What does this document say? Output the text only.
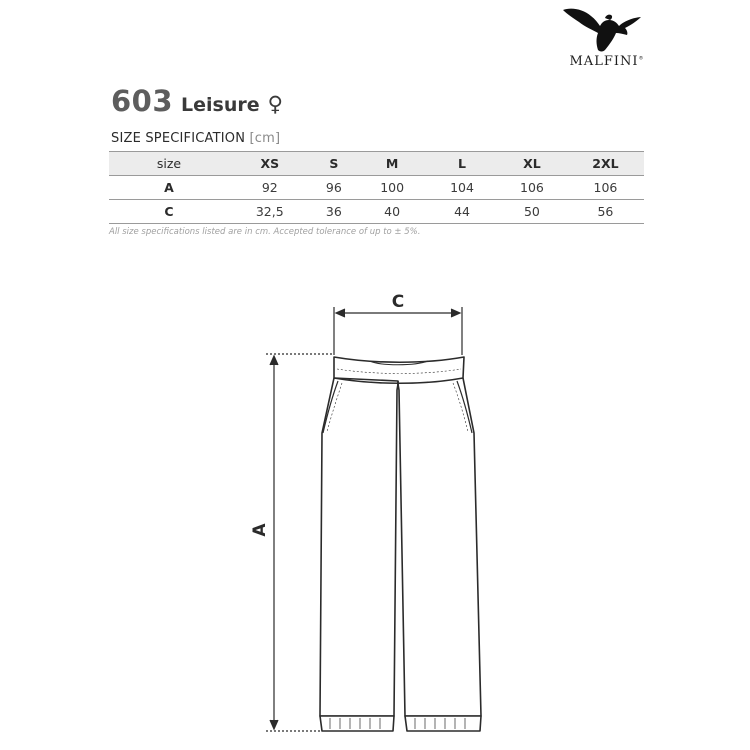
MALFINI®
603 Leisure ♀
SIZE SPECIFICATION [cm]
size	XS	S	M	L	XL	2XL
A	92	96	100	104	106	106
C	32,5	36	40	44	50	56
All size specifications listed are in cm. Accepted tolerance of up to ± 5%.
C
A
